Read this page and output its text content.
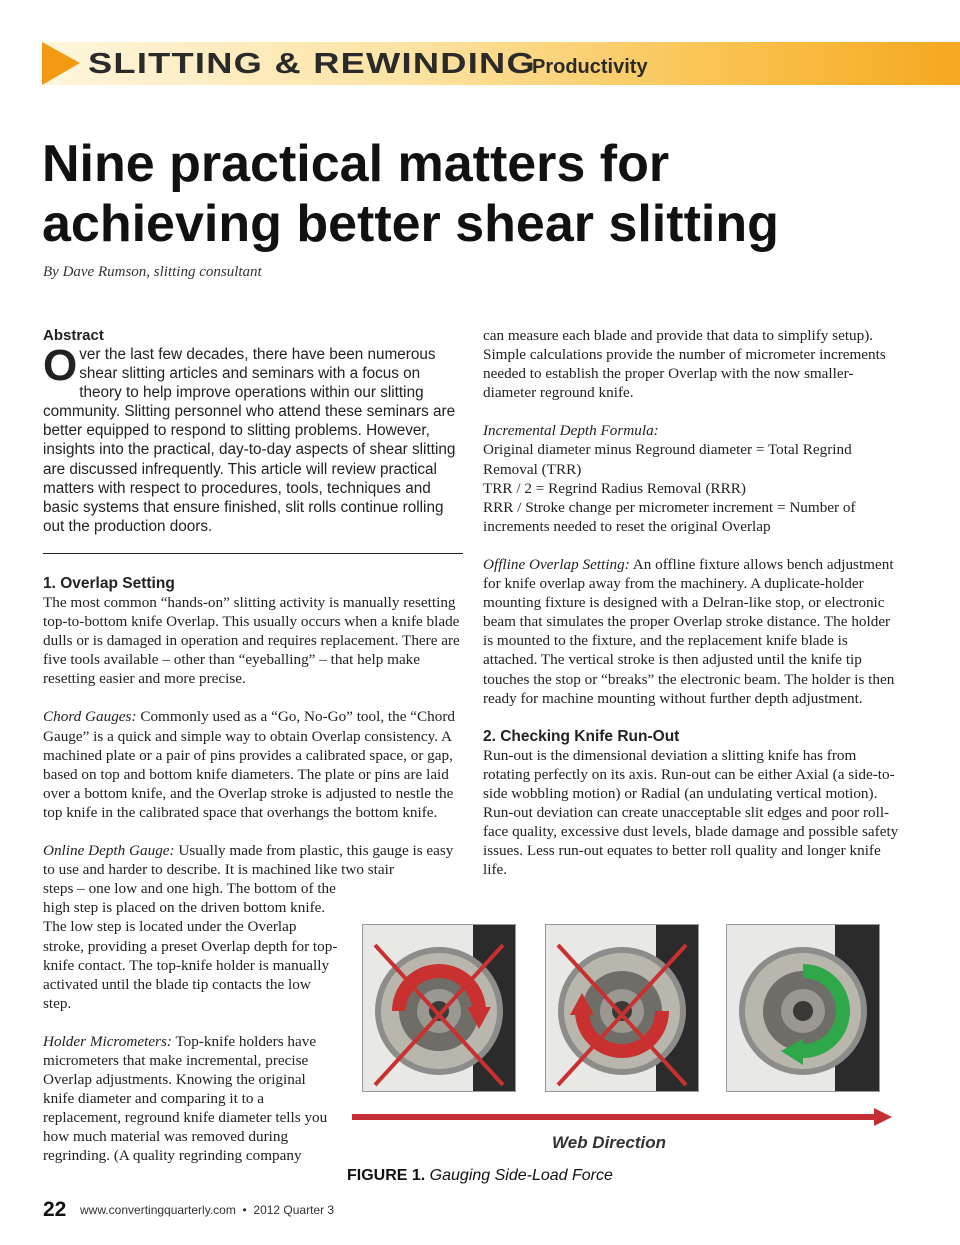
SLITTING & REWINDING
Productivity
Nine practical matters for
achieving better shear slitting
By Dave Rumson, slitting consultant
Abstract

Over the last few decades, there have been numerous shear slitting articles and seminars with a focus on theory to help improve operations within our slitting community. Slitting personnel who attend these seminars are better equipped to respond to slitting problems. However, insights into the practical, day-to-day aspects of shear slitting are discussed infrequently. This article will review practical matters with respect to procedures, tools, techniques and basic systems that ensure finished, slit rolls continue rolling out the production doors.

1. Overlap Setting

The most common “hands-on” slitting activity is manually resetting top-to-bottom knife Overlap. This usually occurs when a knife blade dulls or is damaged in operation and requires replacement. There are five tools available – other than “eyeballing” – that help make resetting easier and more precise.

Chord Gauges: Commonly used as a “Go, No-Go” tool, the “Chord Gauge” is a quick and simple way to obtain Overlap consistency. A machined plate or a pair of pins provides a calibrated space, or gap, based on top and bottom knife diameters. The plate or pins are laid over a bottom knife, and the Overlap stroke is adjusted to nestle the top knife in the calibrated space that overhangs the bottom knife.

Online Depth Gauge: Usually made from plastic, this gauge is easy to use and harder to describe. It is machined like two stair

steps – one low and one high. The bottom of the high step is placed on the driven bottom knife. The low step is located under the Overlap stroke, providing a preset Overlap depth for top-knife contact. The top-knife holder is manually activated until the blade tip contacts the low step.

Holder Micrometers: Top-knife holders have micrometers that make incremental, precise Overlap adjustments. Knowing the original knife diameter and comparing it to a replacement, reground knife diameter tells you how much material was removed during regrinding. (A quality regrinding company

can measure each blade and provide that data to simplify setup). Simple calculations provide the number of micrometer increments needed to establish the proper Overlap with the now smaller-diameter reground knife.

Incremental Depth Formula:

Original diameter minus Reground diameter = Total Regrind Removal (TRR)

TRR / 2 = Regrind Radius Removal (RRR)

RRR / Stroke change per micrometer increment = Number of increments needed to reset the original Overlap

Offline Overlap Setting: An offline fixture allows bench adjustment for knife overlap away from the machinery. A duplicate-holder mounting fixture is designed with a Delran-like stop, or electronic beam that simulates the proper Overlap stroke distance. The holder is mounted to the fixture, and the replacement knife blade is attached. The vertical stroke is then adjusted until the knife tip touches the stop or “breaks” the electronic beam. The holder is then ready for machine mounting without further depth adjustment.

2. Checking Knife Run-Out

Run-out is the dimensional deviation a slitting knife has from rotating perfectly on its axis. Run-out can be either Axial (a side-to-side wobbling motion) or Radial (an undulating vertical motion). Run-out deviation can create unacceptable slit edges and poor roll-face quality, excessive dust levels, blade damage and possible safety issues. Less run-out equates to better roll quality and longer knife life.

Web Direction
FIGURE 1. Gauging Side-Load Force
22 www.convertingquarterly.com • 2012 Quarter 3
